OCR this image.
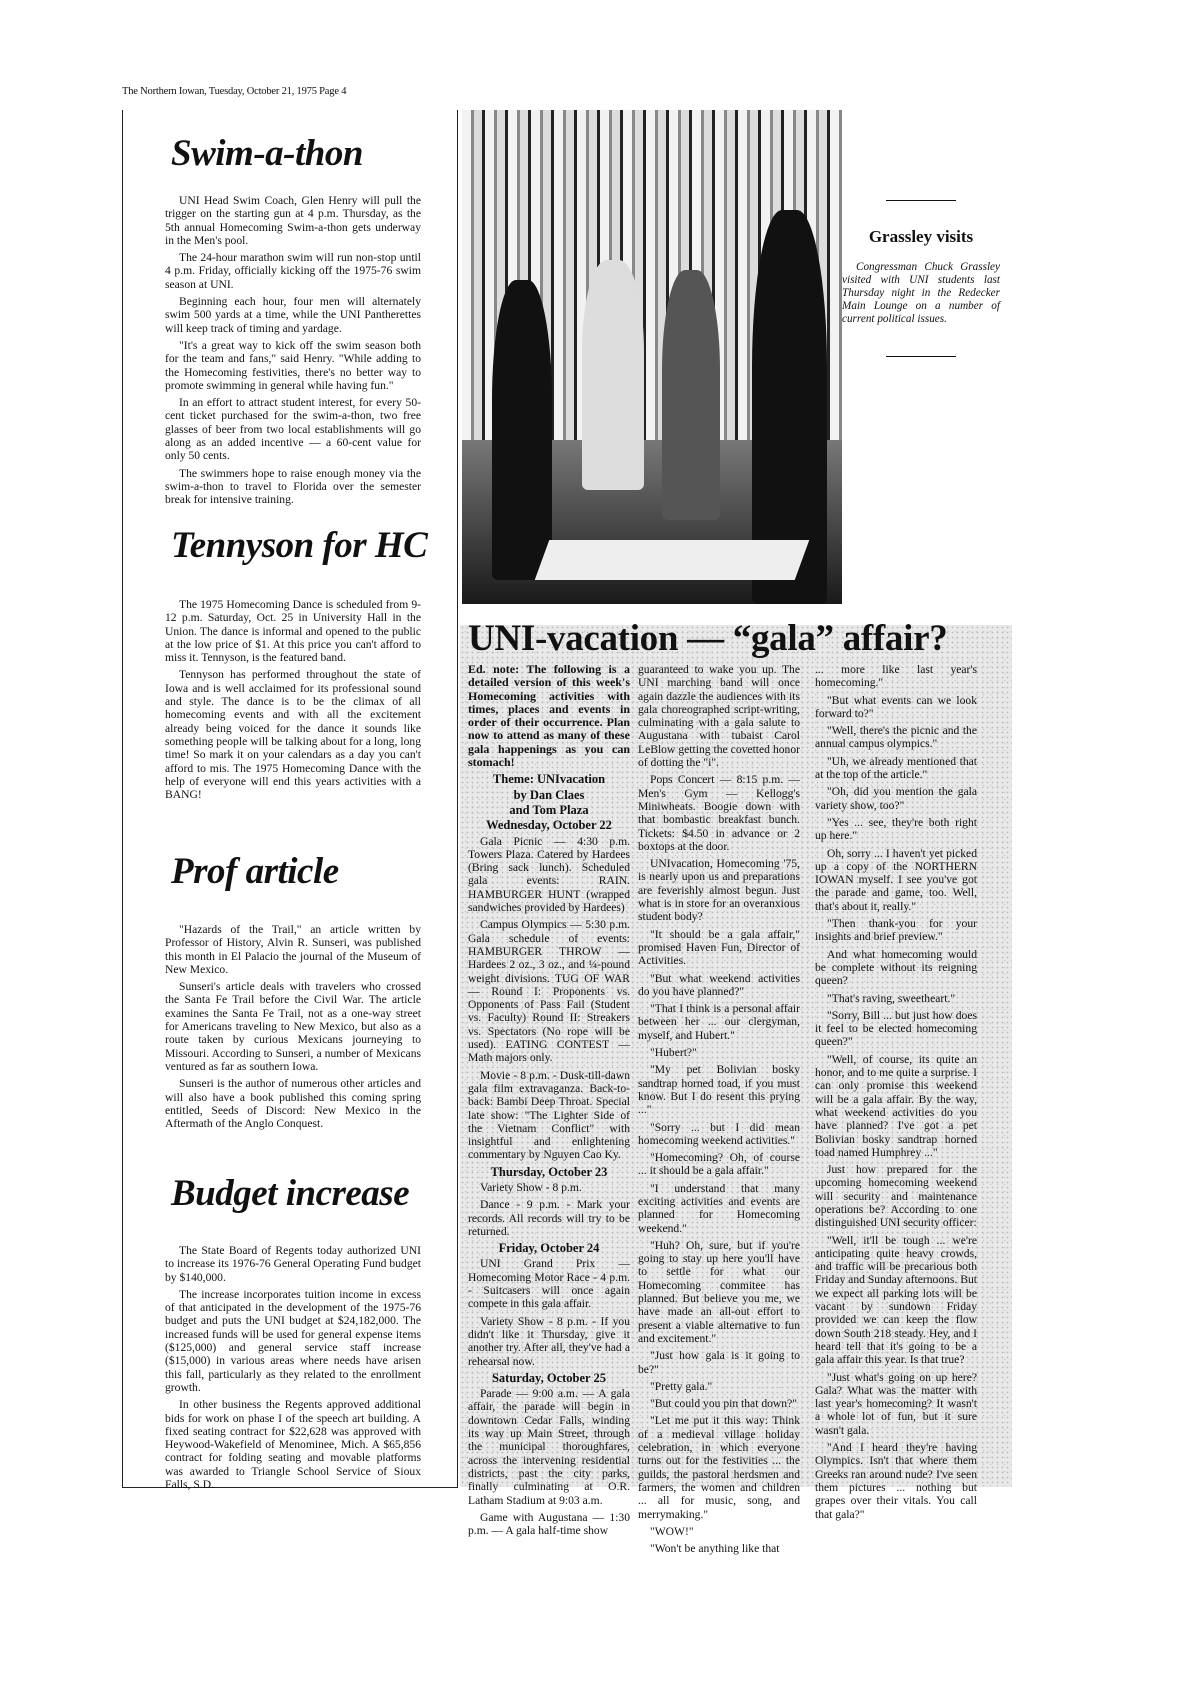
The Northern Iowan, Tuesday, October 21, 1975 Page 4
Swim-a-thon

UNI Head Swim Coach, Glen Henry will pull the trigger on the starting gun at 4 p.m. Thursday, as the 5th annual Homecoming Swim-a-thon gets underway in the Men's pool.

The 24-hour marathon swim will run non-stop until 4 p.m. Friday, officially kicking off the 1975-76 swim season at UNI.

Beginning each hour, four men will alternately swim 500 yards at a time, while the UNI Pantherettes will keep track of timing and yardage.

"It's a great way to kick off the swim season both for the team and fans," said Henry. "While adding to the Homecoming festivities, there's no better way to promote swimming in general while having fun."

In an effort to attract student interest, for every 50-cent ticket purchased for the swim-a-thon, two free glasses of beer from two local establishments will go along as an added incentive — a 60-cent value for only 50 cents.

The swimmers hope to raise enough money via the swim-a-thon to travel to Florida over the semester break for intensive training.

Tennyson for HC

The 1975 Homecoming Dance is scheduled from 9-12 p.m. Saturday, Oct. 25 in University Hall in the Union. The dance is informal and opened to the public at the low price of $1. At this price you can't afford to miss it. Tennyson, is the featured band.

Tennyson has performed throughout the state of Iowa and is well acclaimed for its professional sound and style. The dance is to be the climax of all homecoming events and with all the excitement already being voiced for the dance it sounds like something people will be talking about for a long, long time! So mark it on your calendars as a day you can't afford to mis. The 1975 Homecoming Dance with the help of everyone will end this years activities with a BANG!

Prof article

"Hazards of the Trail," an article written by Professor of History, Alvin R. Sunseri, was published this month in El Palacio the journal of the Museum of New Mexico.

Sunseri's article deals with travelers who crossed the Santa Fe Trail before the Civil War. The article examines the Santa Fe Trail, not as a one-way street for Americans traveling to New Mexico, but also as a route taken by curious Mexicans journeying to Missouri. According to Sunseri, a number of Mexicans ventured as far as southern Iowa.

Sunseri is the author of numerous other articles and will also have a book published this coming spring entitled, Seeds of Discord: New Mexico in the Aftermath of the Anglo Conquest.

Budget increase

The State Board of Regents today authorized UNI to increase its 1976-76 General Operating Fund budget by $140,000.

The increase incorporates tuition income in excess of that anticipated in the development of the 1975-76 budget and puts the UNI budget at $24,182,000. The increased funds will be used for general expense items ($125,000) and general service staff increase ($15,000) in various areas where needs have arisen this fall, particularly as they related to the enrollment growth.

In other business the Regents approved additional bids for work on phase I of the speech art building. A fixed seating contract for $22,628 was approved with Heywood-Wakefield of Menominee, Mich. A $65,856 contract for folding seating and movable platforms was awarded to Triangle School Service of Sioux Falls, S.D.

Grassley visits

Congressman Chuck Grassley visited with UNI students last Thursday night in the Redecker Main Lounge on a number of current political issues.

UNI-vacation — “gala” affair?

Ed. note: The following is a detailed version of this week's Homecoming activities with times, places and events in order of their occurrence. Plan now to attend as many of these gala happenings as you can stomach!

Theme: UNIvacation

by Dan Claes

and Tom Plaza

Wednesday, October 22

Gala Picnic — 4:30 p.m. Towers Plaza. Catered by Hardees (Bring sack lunch). Scheduled gala events: RAIN. HAMBURGER HUNT (wrapped sandwiches provided by Hardees)

Campus Olympics — 5:30 p.m. Gala schedule of events: HAMBURGER THROW — Hardees 2 oz., 3 oz., and ¼-pound weight divisions. TUG OF WAR — Round I: Proponents vs. Opponents of Pass Fail (Student vs. Faculty) Round II: Streakers vs. Spectators (No rope will be used). EATING CONTEST — Math majors only.

Movie - 8 p.m. - Dusk-till-dawn gala film extravaganza. Back-to-back: Bambi Deep Throat. Special late show: "The Lighter Side of the Vietnam Conflict" with insightful and enlightening commentary by Nguyen Cao Ky.

Thursday, October 23

Variety Show - 8 p.m.

Dance - 9 p.m. - Mark your records. All records will try to be returned.

Friday, October 24

UNI Grand Prix — Homecoming Motor Race - 4 p.m. - Suitcasers will once again compete in this gala affair.

Variety Show - 8 p.m. - If you didn't like it Thursday, give it another try. After all, they've had a rehearsal now.

Saturday, October 25

Parade — 9:00 a.m. — A gala affair, the parade will begin in downtown Cedar Falls, winding its way up Main Street, through the municipal thoroughfares, across the intervening residential districts, past the city parks, finally culminating at O.R. Latham Stadium at 9:03 a.m.

Game with Augustana — 1:30 p.m. — A gala half-time show

guaranteed to wake you up. The UNI marching band will once again dazzle the audiences with its gala choreographed script-writing, culminating with a gala salute to Augustana with tubaist Carol LeBlow getting the covetted honor of dotting the "i".

Pops Concert — 8:15 p.m. — Men's Gym — Kellogg's Miniwheats. Boogie down with that bombastic breakfast bunch. Tickets: $4.50 in advance or 2 boxtops at the door.

UNIvacation, Homecoming '75, is nearly upon us and preparations are feverishly almost begun. Just what is in store for an overanxious student body?

"It should be a gala affair," promised Haven Fun, Director of Activities.

"But what weekend activities do you have planned?"

"That I think is a personal affair between her ... our clergyman, myself, and Hubert."

"Hubert?"

"My pet Bolivian bosky sandtrap horned toad, if you must know. But I do resent this prying ..."

"Sorry ... but I did mean homecoming weekend activities."

"Homecoming? Oh, of course ... it should be a gala affair."

"I understand that many exciting activities and events are planned for Homecoming weekend."

"Huh? Oh, sure, but if you're going to stay up here you'll have to settle for what our Homecoming commitee has planned. But believe you me, we have made an all-out effort to present a viable alternative to fun and excitement."

"Just how gala is it going to be?"

"Pretty gala."

"But could you pin that down?"

"Let me put it this way: Think of a medieval village holiday celebration, in which everyone turns out for the festivities ... the guilds, the pastoral herdsmen and farmers, the women and children ... all for music, song, and merrymaking."

"WOW!"

"Won't be anything like that

... more like last year's homecoming."

"But what events can we look forward to?"

"Well, there's the picnic and the annual campus olympics."

"Uh, we already mentioned that at the top of the article."

"Oh, did you mention the gala variety show, too?"

"Yes ... see, they're both right up here."

Oh, sorry ... I haven't yet picked up a copy of the NORTHERN IOWAN myself. I see you've got the parade and game, too. Well, that's about it, really."

"Then thank-you for your insights and brief preview."

And what homecoming would be complete without its reigning queen?

"That's raving, sweetheart."

"Sorry, Bill ... but just how does it feel to be elected homecoming queen?"

"Well, of course, its quite an honor, and to me quite a surprise. I can only promise this weekend will be a gala affair. By the way, what weekend activities do you have planned? I've got a pet Bolivian bosky sandtrap horned toad named Humphrey ..."

Just how prepared for the upcoming homecoming weekend will security and maintenance operations be? According to one distinguished UNI security officer:

"Well, it'll be tough ... we're anticipating quite heavy crowds, and traffic will be precarious both Friday and Sunday afternoons. But we expect all parking lots will be vacant by sundown Friday provided we can keep the flow down South 218 steady. Hey, and I heard tell that it's going to be a gala affair this year. Is that true?

"Just what's going on up here? Gala? What was the matter with last year's homecoming? It wasn't a whole lot of fun, but it sure wasn't gala.

"And I heard they're having Olympics. Isn't that where them Greeks ran around nude? I've seen them pictures ... nothing but grapes over their vitals. You call that gala?"
